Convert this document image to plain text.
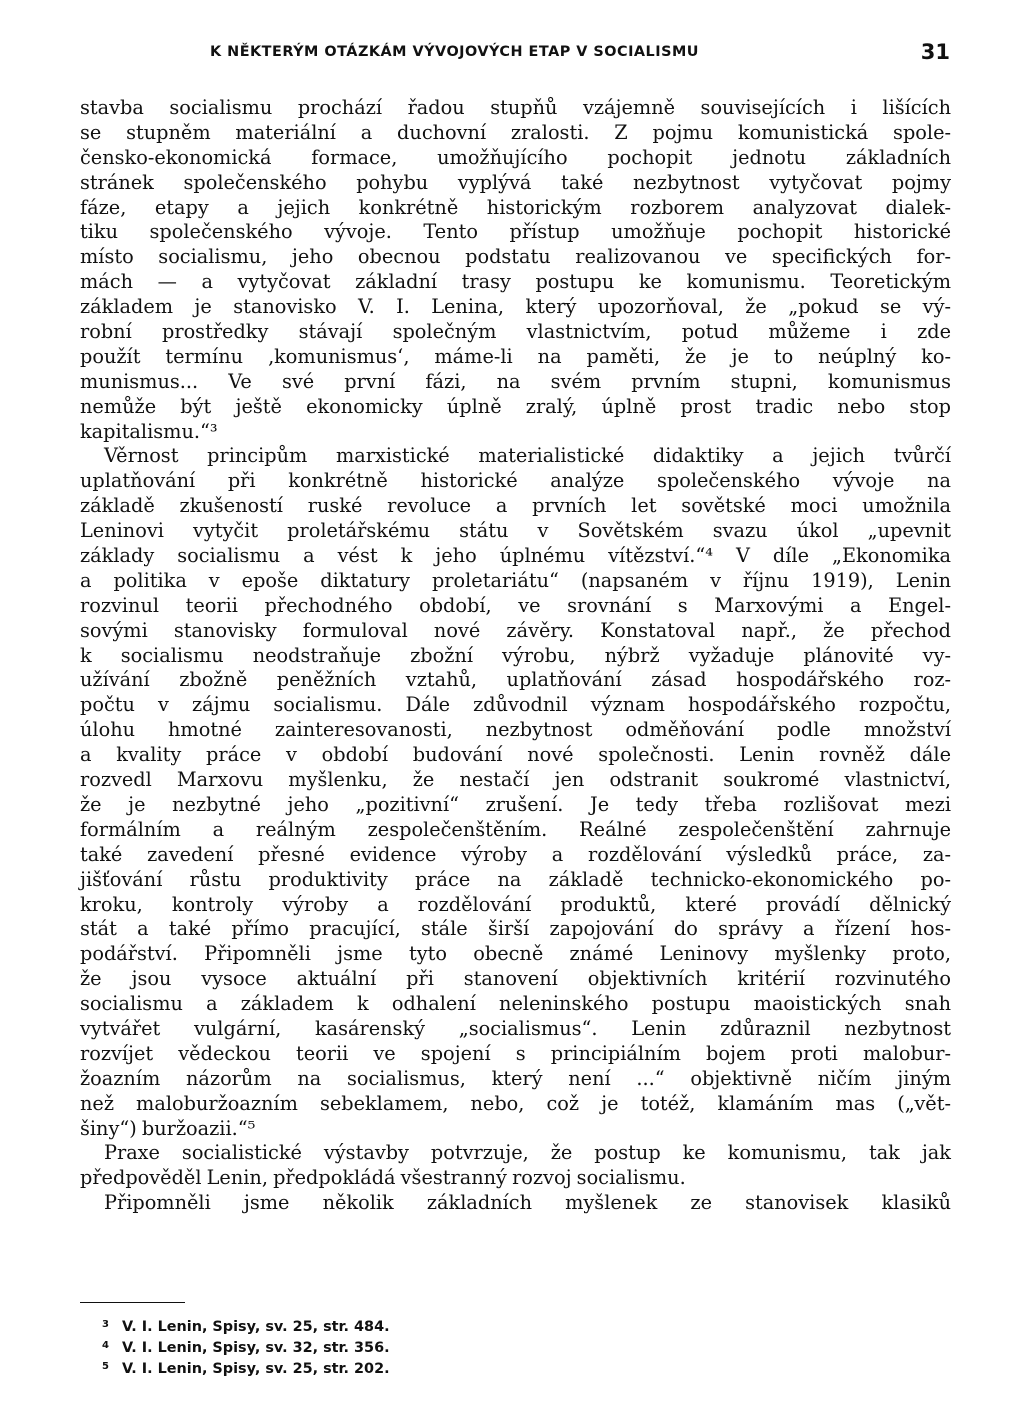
K NĚKTERÝM OTÁZKÁM VÝVOJOVÝCH ETAP V SOCIALISMU	31
stavba socialismu prochází řadou stupňů vzájemně souvisejících i lišících
se stupněm materiální a duchovní zralosti. Z pojmu komunistická spole-
čensko-ekonomická formace, umožňujícího pochopit jednotu základních
stránek společenského pohybu vyplývá také nezbytnost vytyčovat pojmy
fáze, etapy a jejich konkrétně historickým rozborem analyzovat dialek-
tiku společenského vývoje. Tento přístup umožňuje pochopit historické
místo socialismu, jeho obecnou podstatu realizovanou ve specifických for-
mách — a vytyčovat základní trasy postupu ke komunismu. Teoretickým
základem je stanovisko V. I. Lenina, který upozorňoval, že „pokud se vý-
robní prostředky stávají společným vlastnictvím, potud můžeme i zde
použít termínu ‚komunismus‘, máme-li na paměti, že je to neúplný ko-
munismus... Ve své první fázi, na svém prvním stupni, komunismus
nemůže být ještě ekonomicky úplně zralý, úplně prost tradic nebo stop
kapitalismu.“³
Věrnost principům marxistické materialistické didaktiky a jejich tvůrčí
uplatňování při konkrétně historické analýze společenského vývoje na
základě zkušeností ruské revoluce a prvních let sovětské moci umožnila
Leninovi vytyčit proletářskému státu v Sovětském svazu úkol „upevnit
základy socialismu a vést k jeho úplnému vítězství.“⁴ V díle „Ekonomika
a politika v epoše diktatury proletariátu“ (napsaném v říjnu 1919), Lenin
rozvinul teorii přechodného období, ve srovnání s Marxovými a Engel-
sovými stanovisky formuloval nové závěry. Konstatoval např., že přechod
k socialismu neodstraňuje zbožní výrobu, nýbrž vyžaduje plánovité vy-
užívání zbožně peněžních vztahů, uplatňování zásad hospodářského roz-
počtu v zájmu socialismu. Dále zdůvodnil význam hospodářského rozpočtu,
úlohu hmotné zainteresovanosti, nezbytnost odměňování podle množství
a kvality práce v období budování nové společnosti. Lenin rovněž dále
rozvedl Marxovu myšlenku, že nestačí jen odstranit soukromé vlastnictví,
že je nezbytné jeho „pozitivní“ zrušení. Je tedy třeba rozlišovat mezi
formálním a reálným zespolečenštěním. Reálné zespolečenštění zahrnuje
také zavedení přesné evidence výroby a rozdělování výsledků práce, za-
jišťování růstu produktivity práce na základě technicko-ekonomického po-
kroku, kontroly výroby a rozdělování produktů, které provádí dělnický
stát a také přímo pracující, stále širší zapojování do správy a řízení hos-
podářství. Připomněli jsme tyto obecně známé Leninovy myšlenky proto,
že jsou vysoce aktuální při stanovení objektivních kritérií rozvinutého
socialismu a základem k odhalení neleninského postupu maoistických snah
vytvářet vulgární, kasárenský „socialismus“. Lenin zdůraznil nezbytnost
rozvíjet vědeckou teorii ve spojení s principiálním bojem proti malobur-
žoazním názorům na socialismus, který není ...“ objektivně ničím jiným
než maloburžoazním sebeklamem, nebo, což je totéž, klamáním mas („vět-
šiny“) buržoazii.“⁵
Praxe socialistické výstavby potvrzuje, že postup ke komunismu, tak jak
předpověděl Lenin, předpokládá všestranný rozvoj socialismu.
Připomněli jsme několik základních myšlenek ze stanovisek klasiků
3 V. I. Lenin, Spisy, sv. 25, str. 484.
4 V. I. Lenin, Spisy, sv. 32, str. 356.
5 V. I. Lenin, Spisy, sv. 25, str. 202.
